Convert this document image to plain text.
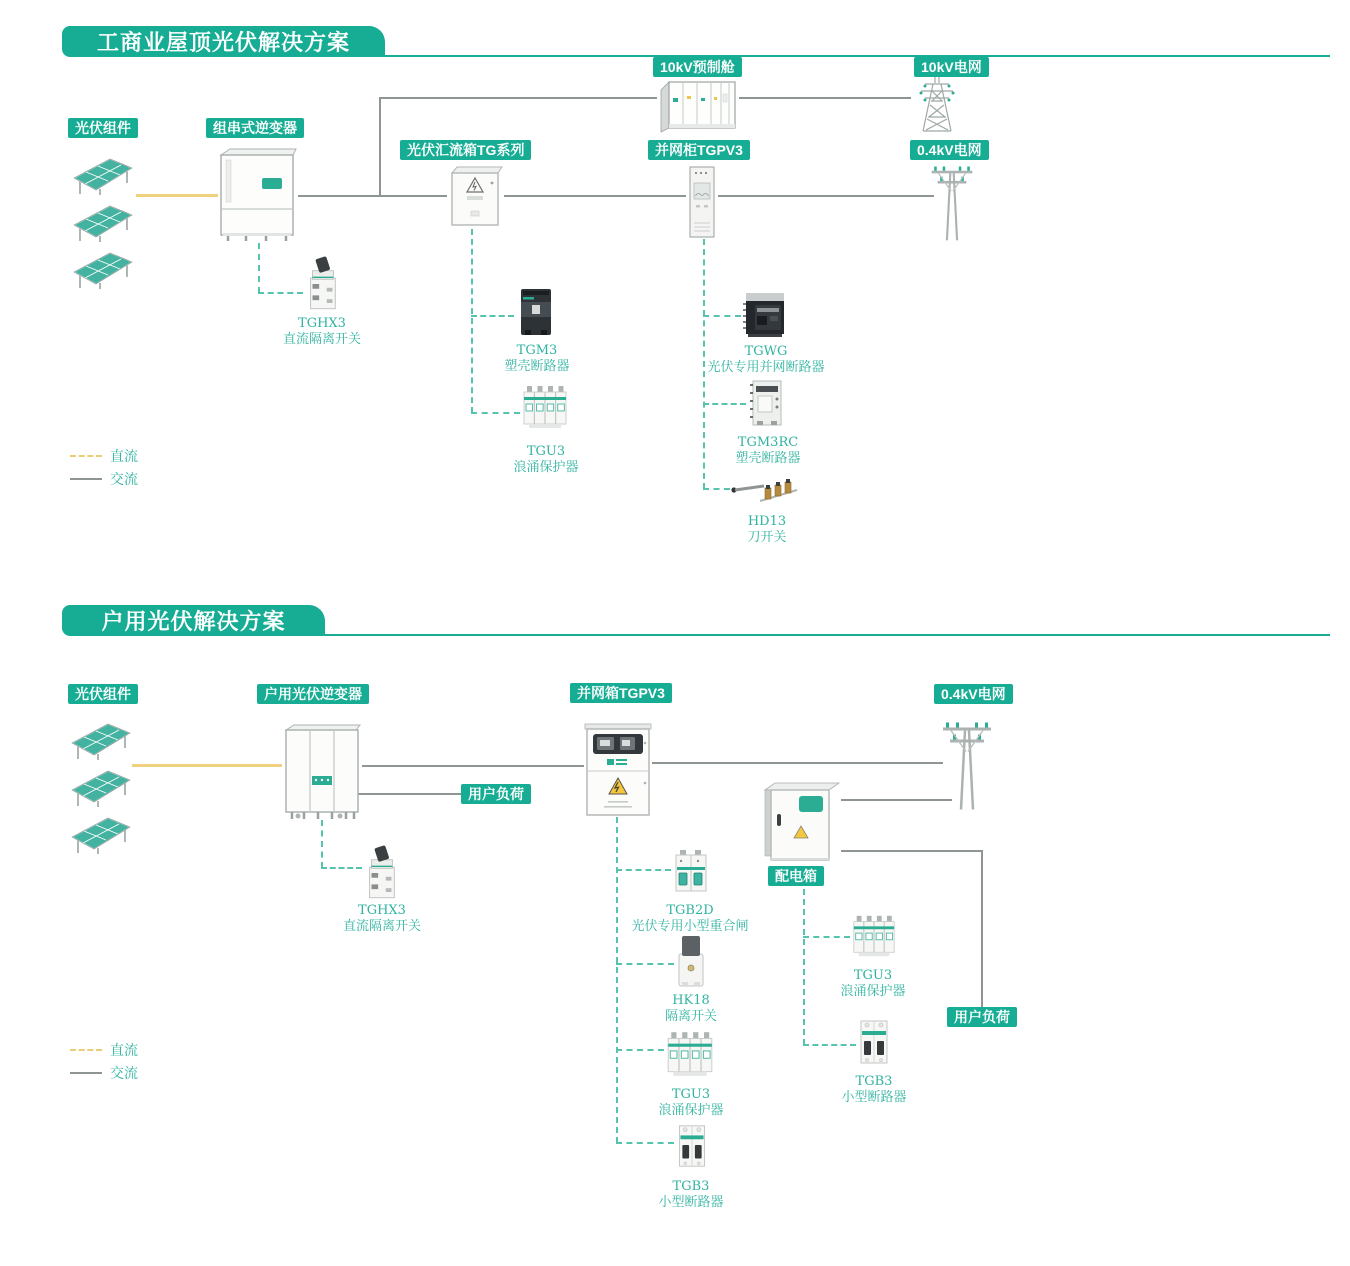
工商业屋顶光伏解决方案
光伏组件	组串式逆变器
光伏汇流箱TG系列
10kV预制舱
并网柜TGPV3
10kV电网
0.4kV电网
TGHX3
直流隔离开关
TGM3
塑壳断路器
TGU3
浪涌保护器
TGWG
光伏专用并网断路器
TGM3RC
塑壳断路器
HD13
刀开关
直流
交流
户用光伏解决方案
光伏组件	户用光伏逆变器	并网箱TGPV3	0.4kV电网
用户负荷
配电箱
用户负荷
TGHX3
直流隔离开关
TGB2D
光伏专用小型重合闸
HK18
隔离开关
TGU3
浪涌保护器
TGB3
小型断路器
TGU3
浪涌保护器
TGB3
小型断路器
直流
交流
